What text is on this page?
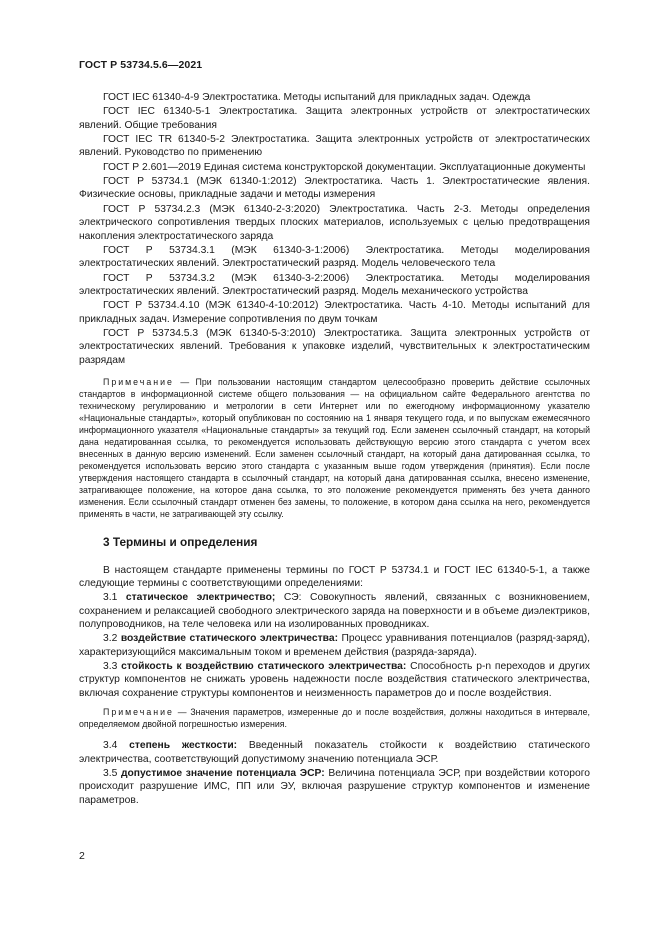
ГОСТ Р 53734.5.6—2021

ГОСТ IEC 61340-4-9 Электростатика. Методы испытаний для прикладных задач. Одежда

ГОСТ IEC 61340-5-1 Электростатика. Защита электронных устройств от электростатических явлений. Общие требования

ГОСТ IEC TR 61340-5-2 Электростатика. Защита электронных устройств от электростатических явлений. Руководство по применению

ГОСТ Р 2.601—2019 Единая система конструкторской документации. Эксплуатационные документы

ГОСТ Р 53734.1 (МЭК 61340-1:2012) Электростатика. Часть 1. Электростатические явления. Физические основы, прикладные задачи и методы измерения

ГОСТ Р 53734.2.3 (МЭК 61340-2-3:2020) Электростатика. Часть 2-3. Методы определения электрического сопротивления твердых плоских материалов, используемых с целью предотвращения накопления электростатического заряда

ГОСТ Р 53734.3.1 (МЭК 61340-3-1:2006) Электростатика. Методы моделирования электростатических явлений. Электростатический разряд. Модель человеческого тела

ГОСТ Р 53734.3.2 (МЭК 61340-3-2:2006) Электростатика. Методы моделирования электростатических явлений. Электростатический разряд. Модель механического устройства

ГОСТ Р 53734.4.10 (МЭК 61340-4-10:2012) Электростатика. Часть 4-10. Методы испытаний для прикладных задач. Измерение сопротивления по двум точкам

ГОСТ Р 53734.5.3 (МЭК 61340-5-3:2010) Электростатика. Защита электронных устройств от электростатических явлений. Требования к упаковке изделий, чувствительных к электростатическим разрядам

Примечание — При пользовании настоящим стандартом целесообразно проверить действие ссылочных стандартов в информационной системе общего пользования — на официальном сайте Федерального агентства по техническому регулированию и метрологии в сети Интернет или по ежегодному информационному указателю «Национальные стандарты», который опубликован по состоянию на 1 января текущего года, и по выпускам ежемесячного информационного указателя «Национальные стандарты» за текущий год. Если заменен ссылочный стандарт, на который дана недатированная ссылка, то рекомендуется использовать действующую версию этого стандарта с учетом всех внесенных в данную версию изменений. Если заменен ссылочный стандарт, на который дана датированная ссылка, то рекомендуется использовать версию этого стандарта с указанным выше годом утверждения (принятия). Если после утверждения настоящего стандарта в ссылочный стандарт, на который дана датированная ссылка, внесено изменение, затрагивающее положение, на которое дана ссылка, то это положение рекомендуется применять без учета данного изменения. Если ссылочный стандарт отменен без замены, то положение, в котором дана ссылка на него, рекомендуется применять в части, не затрагивающей эту ссылку.

3 Термины и определения

В настоящем стандарте применены термины по ГОСТ Р 53734.1 и ГОСТ IEC 61340-5-1, а также следующие термины с соответствующими определениями:

3.1 статическое электричество; СЭ: Совокупность явлений, связанных с возникновением, сохранением и релаксацией свободного электрического заряда на поверхности и в объеме диэлектриков, полупроводников, на теле человека или на изолированных проводниках.

3.2 воздействие статического электричества: Процесс уравнивания потенциалов (разряд-заряд), характеризующийся максимальным током и временем действия (разряда-заряда).

3.3 стойкость к воздействию статического электричества: Способность p-n переходов и других структур компонентов не снижать уровень надежности после воздействия статического электричества, включая сохранение структуры компонентов и неизменность параметров до и после воздействия.

Примечание — Значения параметров, измеренные до и после воздействия, должны находиться в интервале, определяемом двойной погрешностью измерения.

3.4 степень жесткости: Введенный показатель стойкости к воздействию статического электричества, соответствующий допустимому значению потенциала ЭСР.

3.5 допустимое значение потенциала ЭСР: Величина потенциала ЭСР, при воздействии которого происходит разрушение ИМС, ПП или ЭУ, включая разрушение структур компонентов и изменение параметров.

2
